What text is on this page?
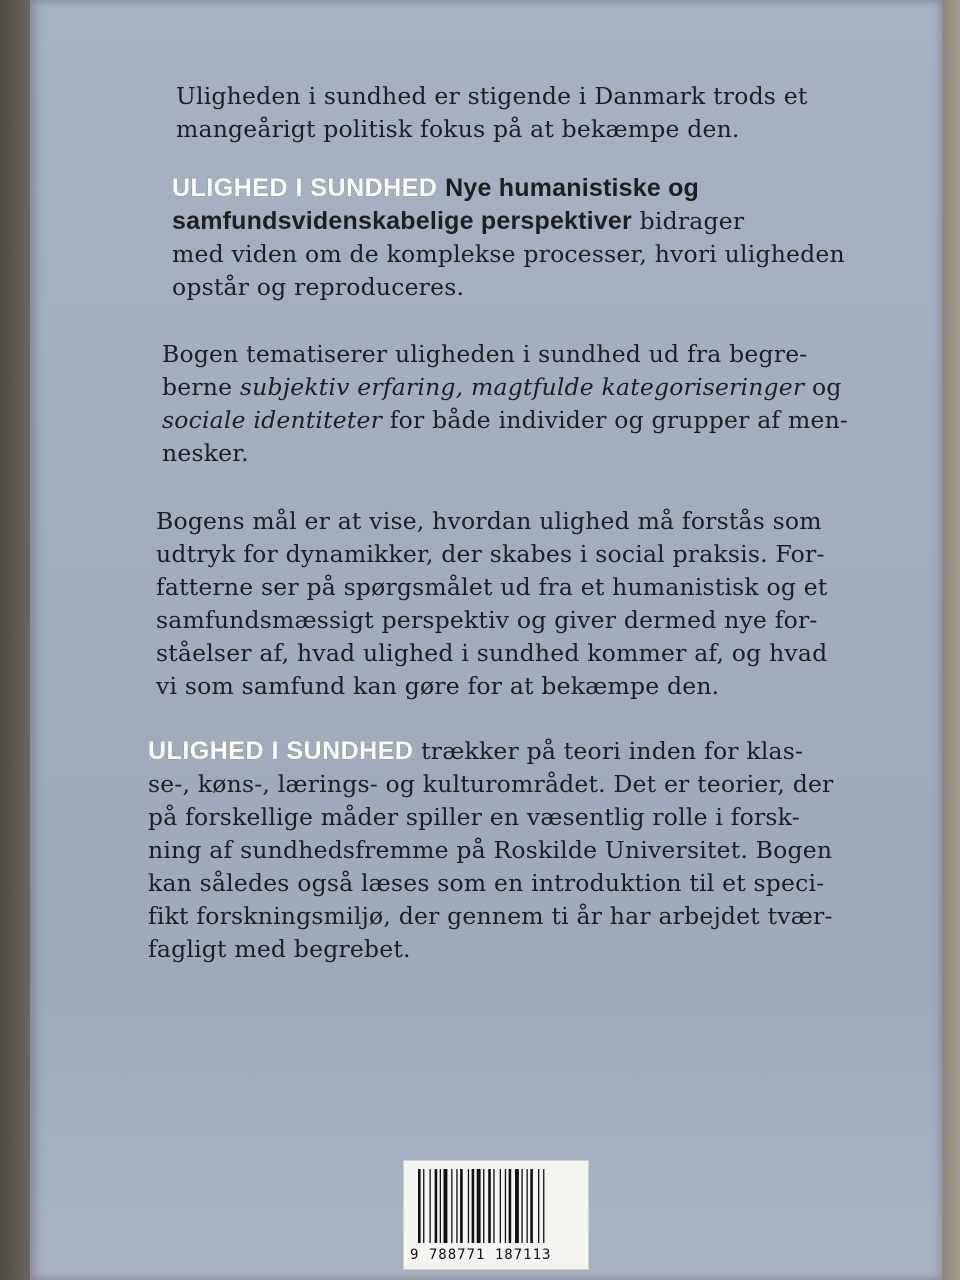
Uligheden i sundhed er stigende i Danmark trods et
mangeårigt politisk fokus på at bekæmpe den.

ULIGHED I SUNDHED Nye humanistiske og
samfundsvidenskabelige perspektiver bidrager
med viden om de komplekse processer, hvori uligheden
opstår og reproduceres.

Bogen tematiserer uligheden i sundhed ud fra begre-
berne subjektiv erfaring, magtfulde kategoriseringer og
sociale identiteter for både individer og grupper af men-
nesker.

Bogens mål er at vise, hvordan ulighed må forstås som
udtryk for dynamikker, der skabes i social praksis. For-
fatterne ser på spørgsmålet ud fra et humanistisk og et
samfundsmæssigt perspektiv og giver dermed nye for-
ståelser af, hvad ulighed i sundhed kommer af, og hvad
vi som samfund kan gøre for at bekæmpe den.

ULIGHED I SUNDHED trækker på teori inden for klas-
se-, køns-, lærings- og kulturområdet. Det er teorier, der
på forskellige måder spiller en væsentlig rolle i forsk-
ning af sundhedsfremme på Roskilde Universitet. Bogen
kan således også læses som en introduktion til et speci-
fikt forskningsmiljø, der gennem ti år har arbejdet tvær-
fagligt med begrebet.

9 788771 187113
